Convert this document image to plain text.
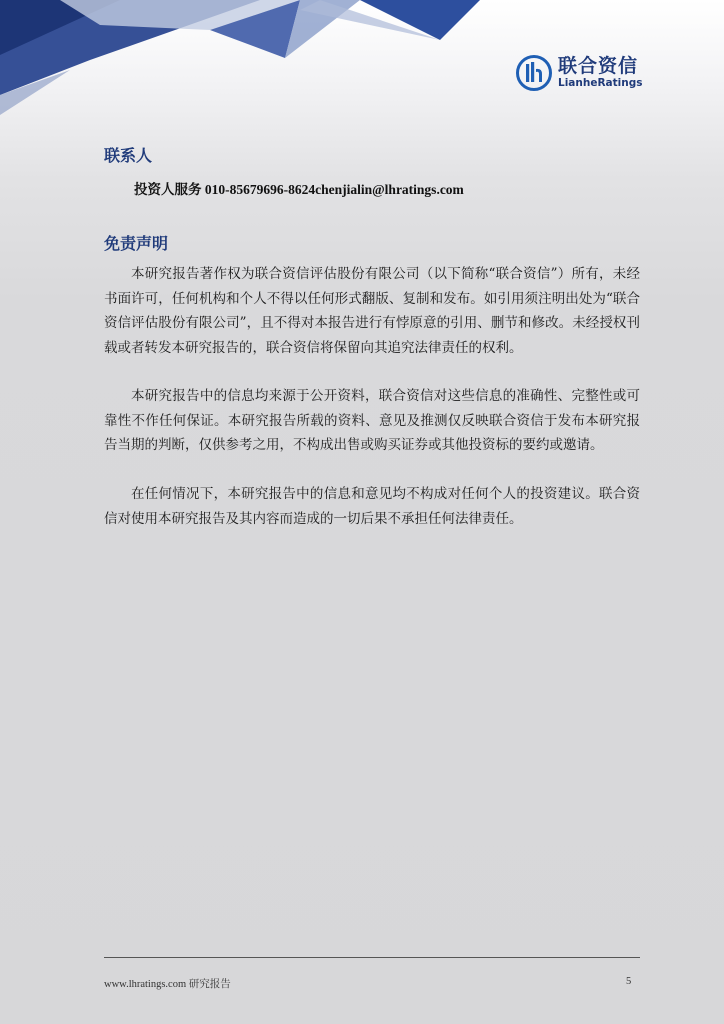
联合资信
LianheRatings
联系人
投资人服务 010-85679696-8624chenjialin@lhratings.com
免责声明

本研究报告著作权为联合资信评估股份有限公司（以下简称“联合资信”）所有，未经书面许可，任何机构和个人不得以任何形式翻版、复制和发布。如引用须注明出处为“联合资信评估股份有限公司”，且不得对本报告进行有悖原意的引用、删节和修改。未经授权刊载或者转发本研究报告的，联合资信将保留向其追究法律责任的权利。

本研究报告中的信息均来源于公开资料，联合资信对这些信息的准确性、完整性或可靠性不作任何保证。本研究报告所载的资料、意见及推测仅反映联合资信于发布本研究报告当期的判断，仅供参考之用，不构成出售或购买证券或其他投资标的要约或邀请。

在任何情况下，本研究报告中的信息和意见均不构成对任何个人的投资建议。联合资信对使用本研究报告及其内容而造成的一切后果不承担任何法律责任。

www.lhratings.com 研究报告	5
